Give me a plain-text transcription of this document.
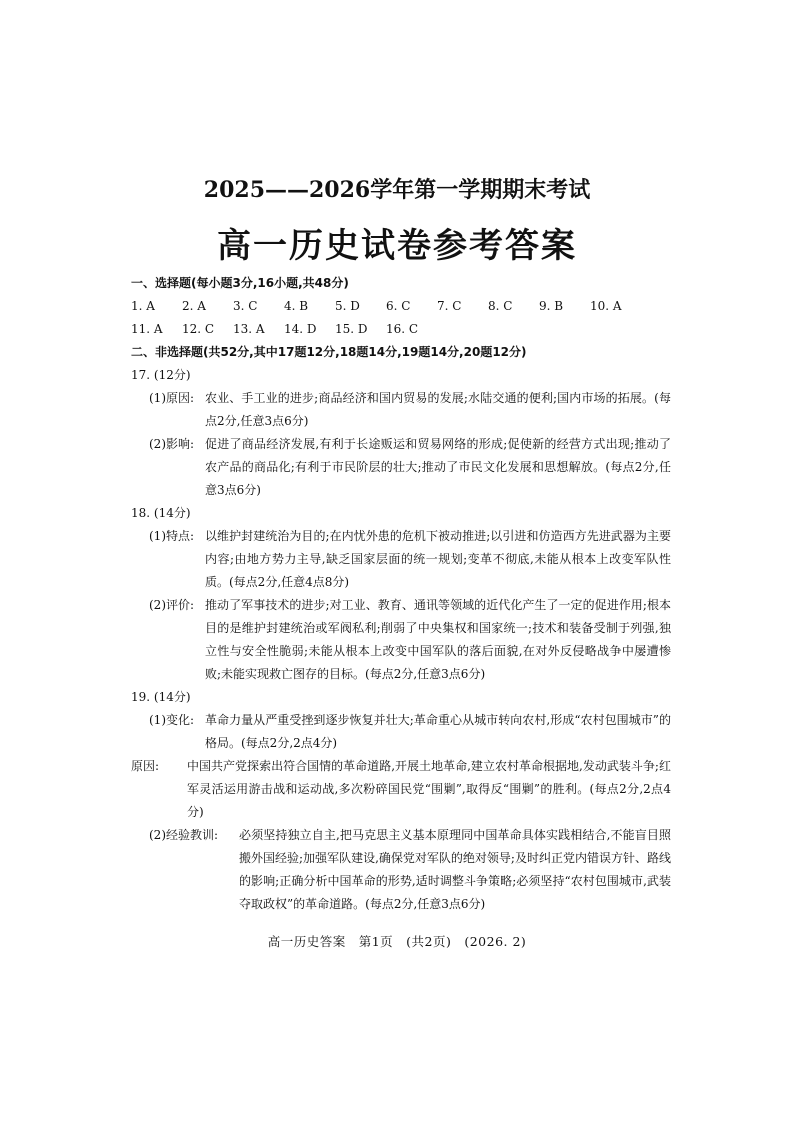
2025——2026学年第一学期期末考试
高一历史试卷参考答案
一、选择题(每小题3分,16小题,共48分)
1. A	2. A	3. C	4. B	5. D	6. C	7. C	8. C	9. B	10. A
11. A	12. C	13. A	14. D	15. D	16. C
二、非选择题(共52分,其中17题12分,18题14分,19题14分,20题12分)
17. (12分)
(1)原因: 农业、手工业的进步;商品经济和国内贸易的发展;水陆交通的便利;国内市场的拓展。(每点2分,任意3点6分)
(2)影响: 促进了商品经济发展,有利于长途贩运和贸易网络的形成;促使新的经营方式出现;推动了农产品的商品化;有利于市民阶层的壮大;推动了市民文化发展和思想解放。(每点2分,任意3点6分)
18. (14分)
(1)特点: 以维护封建统治为目的;在内忧外患的危机下被动推进;以引进和仿造西方先进武器为主要内容;由地方势力主导,缺乏国家层面的统一规划;变革不彻底,未能从根本上改变军队性质。(每点2分,任意4点8分)
(2)评价: 推动了军事技术的进步;对工业、教育、通讯等领域的近代化产生了一定的促进作用;根本目的是维护封建统治或军阀私利;削弱了中央集权和国家统一;技术和装备受制于列强,独立性与安全性脆弱;未能从根本上改变中国军队的落后面貌,在对外反侵略战争中屡遭惨败;未能实现救亡图存的目标。(每点2分,任意3点6分)
19. (14分)
(1)变化: 革命力量从严重受挫到逐步恢复并壮大;革命重心从城市转向农村,形成“农村包围城市”的格局。(每点2分,2点4分)
原因: 中国共产党探索出符合国情的革命道路,开展土地革命,建立农村革命根据地,发动武装斗争;红军灵活运用游击战和运动战,多次粉碎国民党“围剿”,取得反“围剿”的胜利。(每点2分,2点4分)
(2)经验教训: 必须坚持独立自主,把马克思主义基本原理同中国革命具体实践相结合,不能盲目照搬外国经验;加强军队建设,确保党对军队的绝对领导;及时纠正党内错误方针、路线的影响;正确分析中国革命的形势,适时调整斗争策略;必须坚持“农村包围城市,武装夺取政权”的革命道路。(每点2分,任意3点6分)
高一历史答案　第1页　(共2页)　(2026. 2)
